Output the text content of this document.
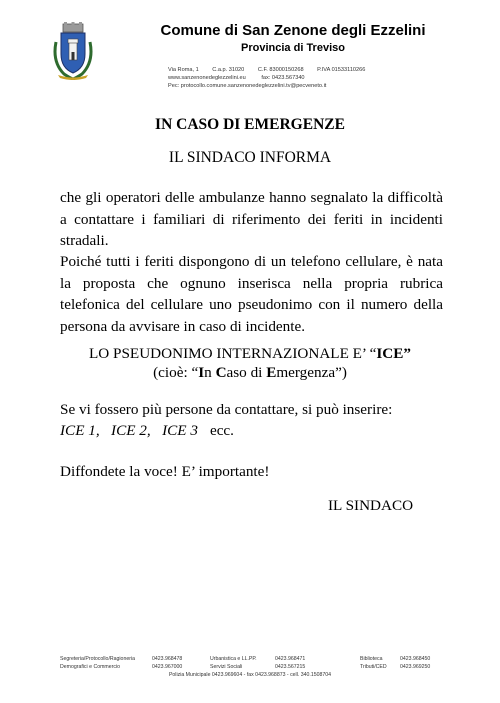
Comune di San Zenone degli Ezzelini
Provincia di Treviso
Via Roma, 1 C.a.p. 31020 C.F. 83000150268 P.IVA 01533110266
www.sanzenonedeglezzelini.eu	fax: 0423.567340
Pec: protocollo.comune.sanzenonedeglezzelini.tv@pecveneto.it
IN CASO DI EMERGENZE
IL SINDACO INFORMA
che gli operatori delle ambulanze hanno segnalato la difficoltà a contattare i familiari di riferimento dei feriti in incidenti stradali.
Poiché tutti i feriti dispongono di un telefono cellulare, è nata la proposta che ognuno inserisca nella propria rubrica telefonica del cellulare uno pseudonimo con il numero della persona da avvisare in caso di incidente.
LO PSEUDONIMO INTERNAZIONALE E’ “ICE”
(cioè: “In Caso di Emergenza”)
Se vi fossero più persone da contattare, si può inserire:
ICE 1,   ICE 2,   ICE 3 ecc.
Diffondete la voce! E’ importante!
IL SINDACO
Segreteria/Protocollo/Ragioneria	0423.968478	Urbanistica e LL.PP.	0423.968471	Biblioteca	0423.968450
Demografici e Commercio	0423.967000	Servizi Sociali	0423.567215	Tributi/CED	0423.969250
Polizia Municipale 0423.969604 - fax 0423.968873 - cell. 340.1508704
